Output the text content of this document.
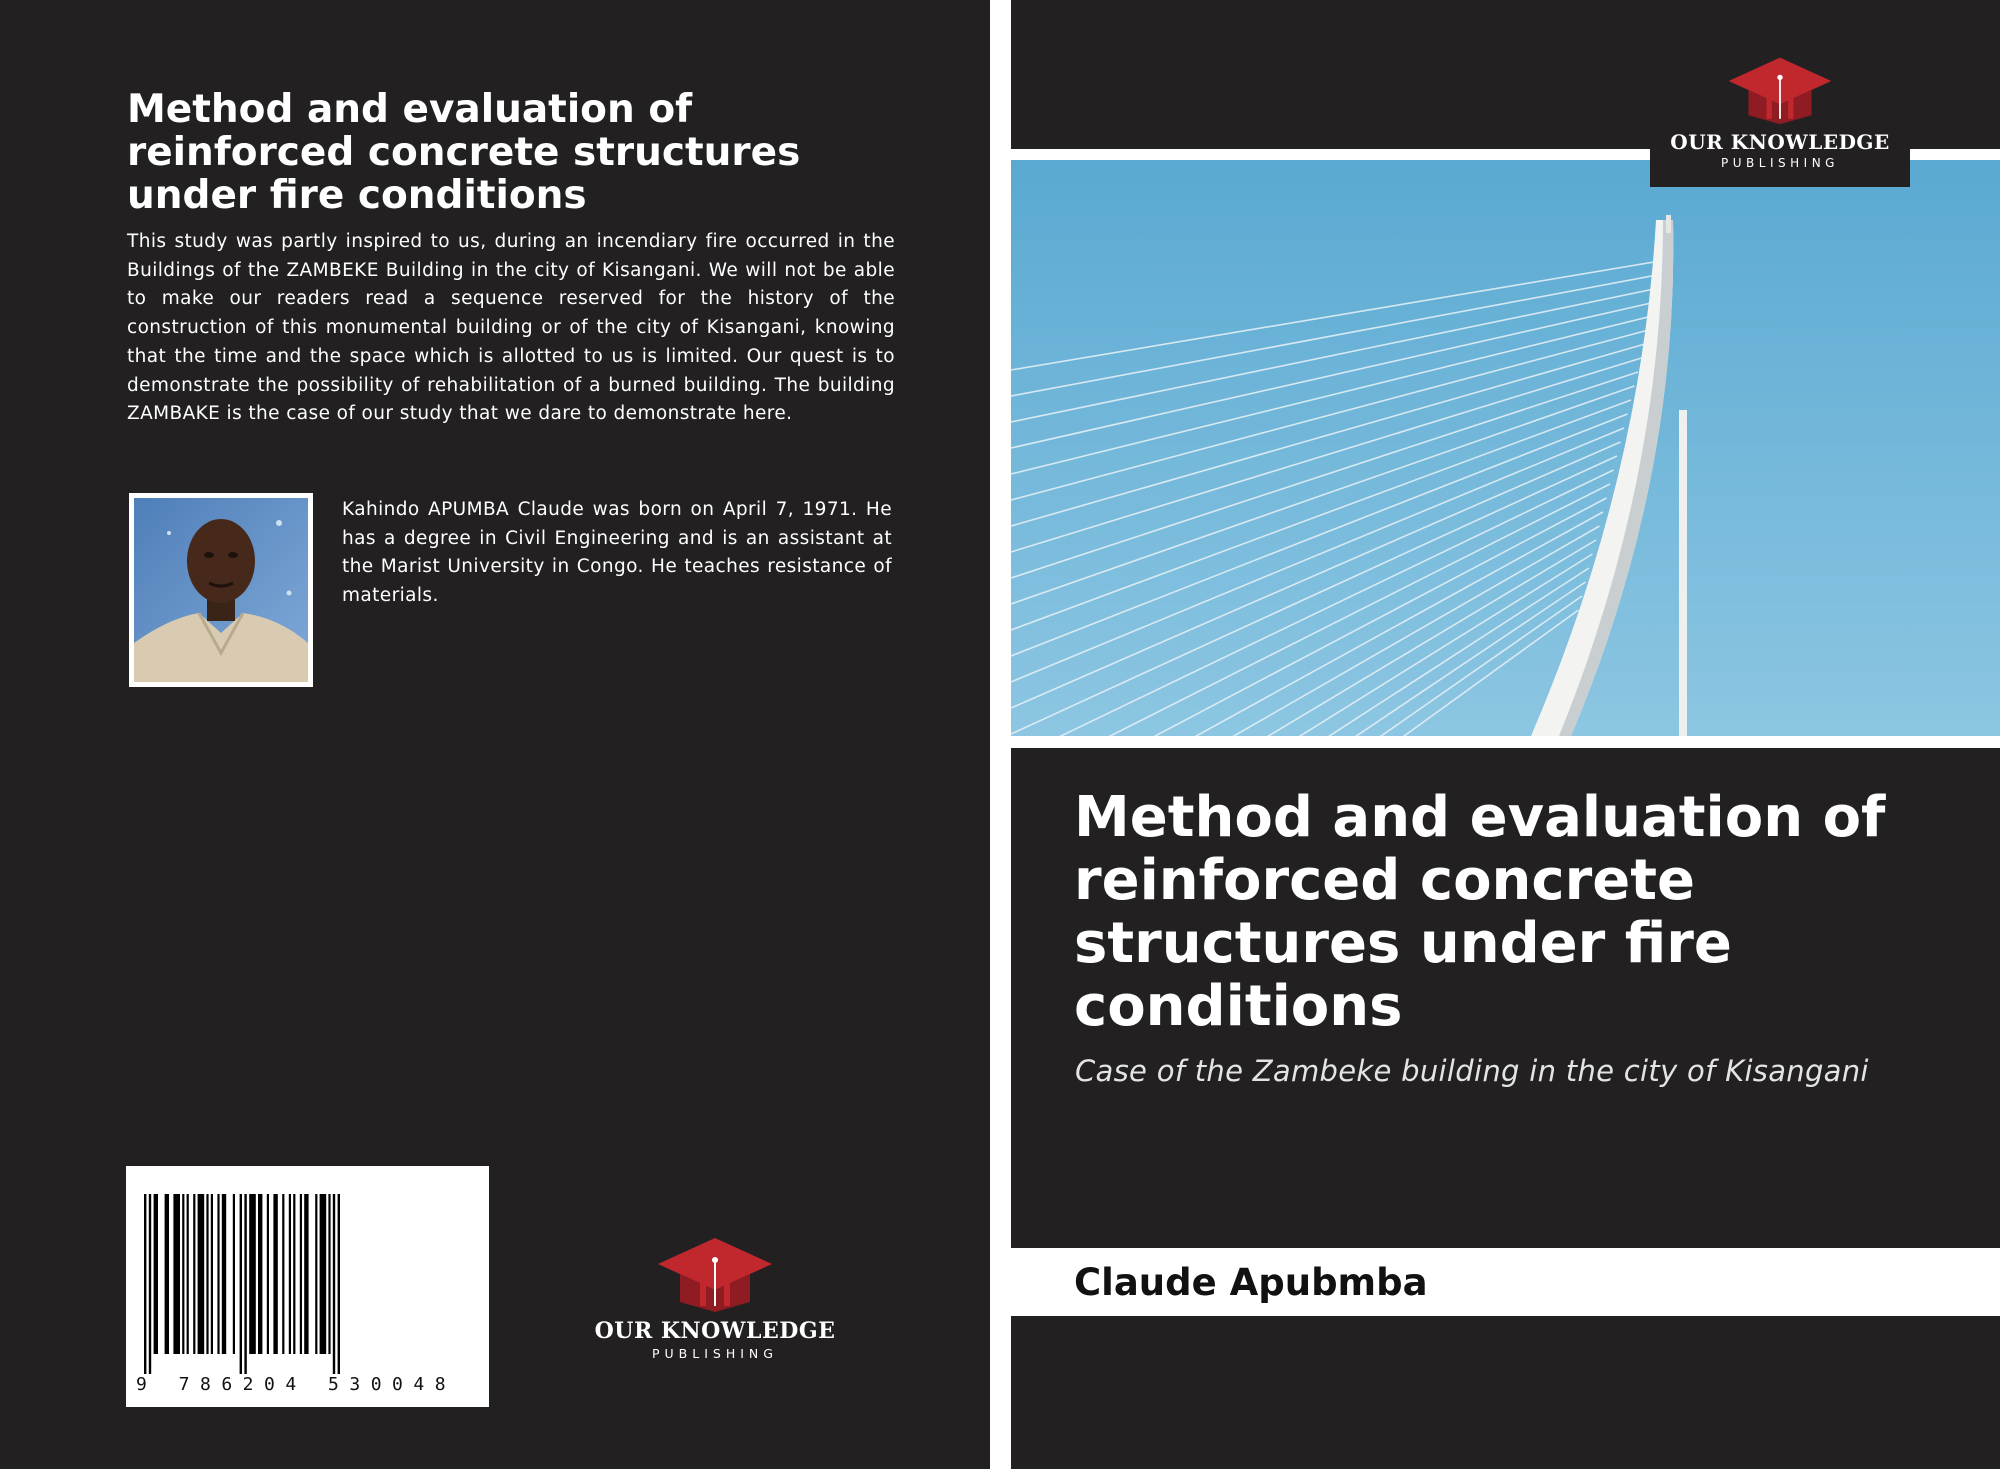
Method and evaluation of reinforced concrete structures under fire conditions

This study was partly inspired to us, during an incendiary fire occurred in the Buildings of the ZAMBEKE Building in the city of Kisangani. We will not be able to make our readers read a sequence reserved for the history of the construction of this monumental building or of the city of Kisangani, knowing that the time and the space which is allotted to us is limited. Our quest is to demonstrate the possibility of rehabilitation of a burned building. The building ZAMBAKE is the case of our study that we dare to demonstrate here.

Kahindo APUMBA Claude was born on April 7, 1971. He has a degree in Civil Engineering and is an assistant at the Marist University in Congo. He teaches resistance of materials.

9 786204 530048
OUR KNOWLEDGE
PUBLISHING
OUR KNOWLEDGE
PUBLISHING
Method and evaluation of reinforced concrete structures under fire conditions

Case of the Zambeke building in the city of Kisangani

Claude Apubmba
